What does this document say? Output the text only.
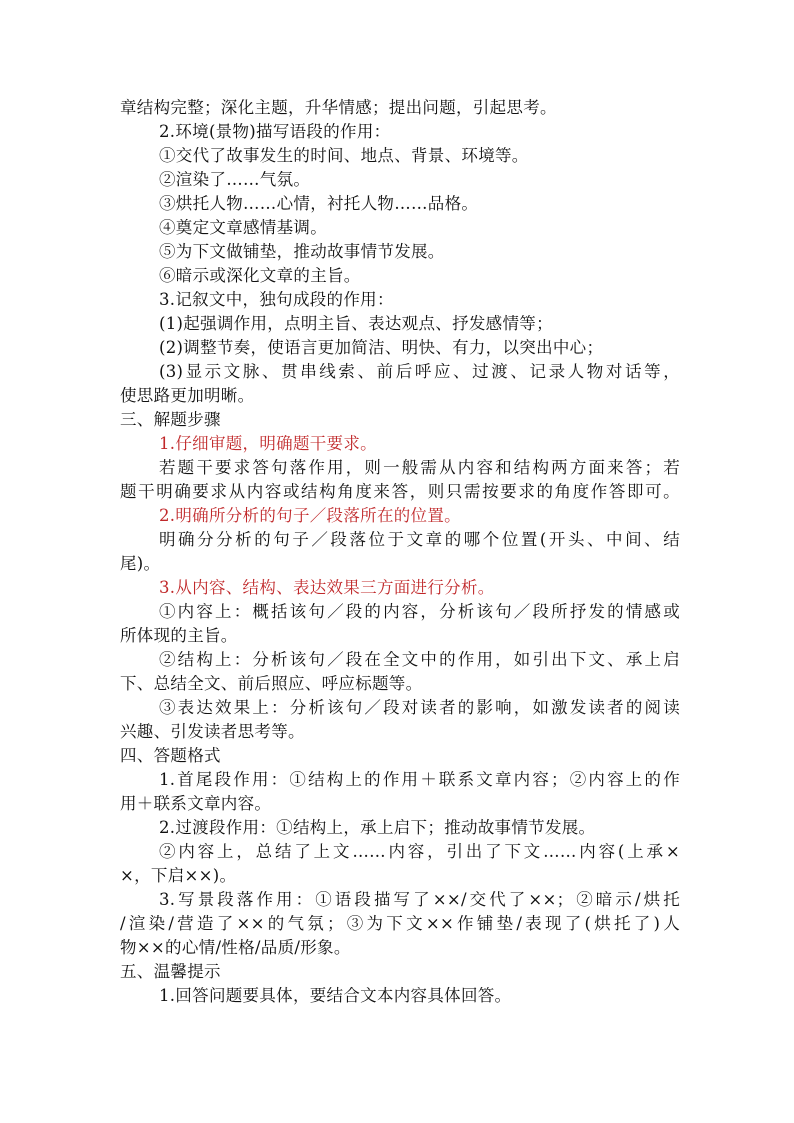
章结构完整；深化主题，升华情感；提出问题，引起思考。
2.环境(景物)描写语段的作用：
①交代了故事发生的时间、地点、背景、环境等。
②渲染了……气氛。
③烘托人物……心情，衬托人物……品格。
④奠定文章感情基调。
⑤为下文做铺垫，推动故事情节发展。
⑥暗示或深化文章的主旨。
3.记叙文中，独句成段的作用：
(1)起强调作用，点明主旨、表达观点、抒发感情等；
(2)调整节奏，使语言更加简洁、明快、有力，以突出中心；
(3)显示文脉、贯串线索、前后呼应、过渡、记录人物对话等，
使思路更加明晰。
三、解题步骤
1.仔细审题，明确题干要求。
若题干要求答句落作用，则一般需从内容和结构两方面来答；若
题干明确要求从内容或结构角度来答，则只需按要求的角度作答即可。
2.明确所分析的句子／段落所在的位置。
明确分分析的句子／段落位于文章的哪个位置(开头、中间、结
尾)。
3.从内容、结构、表达效果三方面进行分析。
①内容上：概括该句／段的内容，分析该句／段所抒发的情感或
所体现的主旨。
②结构上：分析该句／段在全文中的作用，如引出下文、承上启
下、总结全文、前后照应、呼应标题等。
③表达效果上：分析该句／段对读者的影响，如激发读者的阅读
兴趣、引发读者思考等。
四、答题格式
1.首尾段作用：①结构上的作用＋联系文章内容；②内容上的作
用＋联系文章内容。
2.过渡段作用：①结构上，承上启下；推动故事情节发展。
②内容上，总结了上文……内容，引出了下文……内容(上承×
×，下启××)。
3.写景段落作用：①语段描写了××/交代了××；②暗示/烘托
/渲染/营造了××的气氛；③为下文××作铺垫/表现了(烘托了)人
物××的心情/性格/品质/形象。
五、温馨提示
1.回答问题要具体，要结合文本内容具体回答。
